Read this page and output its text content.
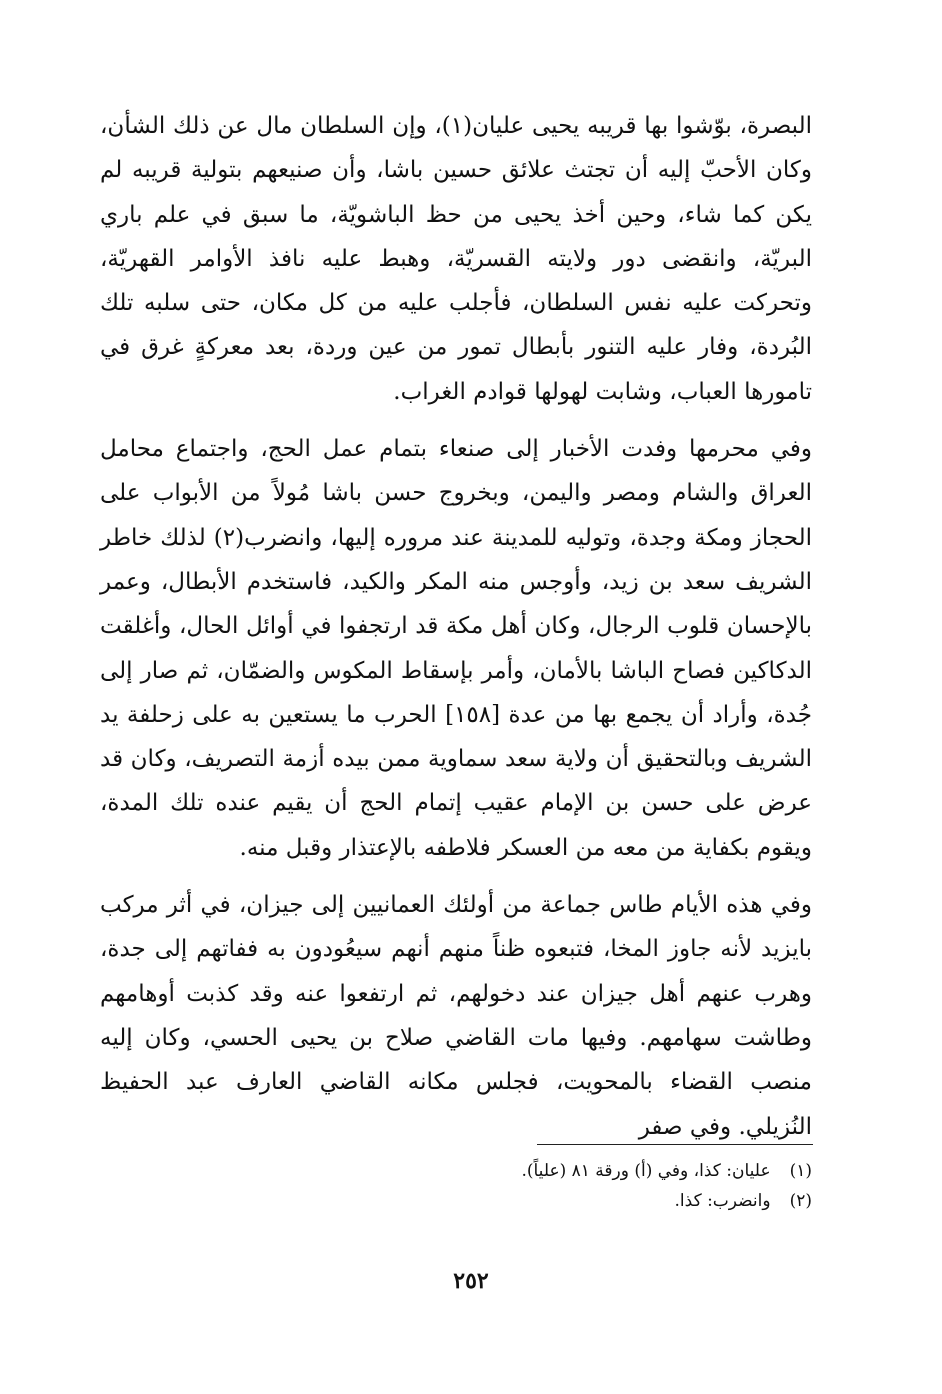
البصرة، بوّشوا بها قريبه يحيى عليان(١)، وإن السلطان مال عن ذلك الشأن، وكان الأحبّ إليه أن تجتث علائق حسين باشا، وأن صنيعهم بتولية قريبه لم يكن كما شاء، وحين أخذ يحيى من حظ الباشويّة، ما سبق في علم باري البريّة، وانقضى دور ولايته القسريّة، وهبط عليه نافذ الأوامر القهريّة، وتحركت عليه نفس السلطان، فأجلب عليه من كل مكان، حتى سلبه تلك البُردة، وفار عليه التنور بأبطال تمور من عين وردة، بعد معركةٍ غرق في تامورها العباب، وشابت لهولها قوادم الغراب.

وفي محرمها وفدت الأخبار إلى صنعاء بتمام عمل الحج، واجتماع محامل العراق والشام ومصر واليمن، وبخروج حسن باشا مُولاً من الأبواب على الحجاز ومكة وجدة، وتوليه للمدينة عند مروره إليها، وانضرب(٢) لذلك خاطر الشريف سعد بن زيد، وأوجس منه المكر والكيد، فاستخدم الأبطال، وعمر بالإحسان قلوب الرجال، وكان أهل مكة قد ارتجفوا في أوائل الحال، وأغلقت الدكاكين فصاح الباشا بالأمان، وأمر بإسقاط المكوس والضمّان، ثم صار إلى جُدة، وأراد أن يجمع بها من عدة [١٥٨] الحرب ما يستعين به على زحلفة يد الشريف وبالتحقيق أن ولاية سعد سماوية ممن بيده أزمة التصريف، وكان قد عرض على حسن بن الإمام عقيب إتمام الحج أن يقيم عنده تلك المدة، ويقوم بكفاية من معه من العسكر فلاطفه بالإعتذار وقبل منه.

وفي هذه الأيام طاس جماعة من أولئك العمانيين إلى جيزان، في أثر مركب بايزيد لأنه جاوز المخا، فتبعوه ظناً منهم أنهم سيعُودون به ففاتهم إلى جدة، وهرب عنهم أهل جيزان عند دخولهم، ثم ارتفعوا عنه وقد كذبت أوهامهم وطاشت سهامهم. وفيها مات القاضي صلاح بن يحيى الحسي، وكان إليه منصب القضاء بالمحويت، فجلس مكانه القاضي العارف عبد الحفيظ النُزيلي. وفي صفر

(١) عليان: كذا، وفي (أ) ورقة ٨١ (علياً).
(٢) وانضرب: كذا.
٢٥٢
